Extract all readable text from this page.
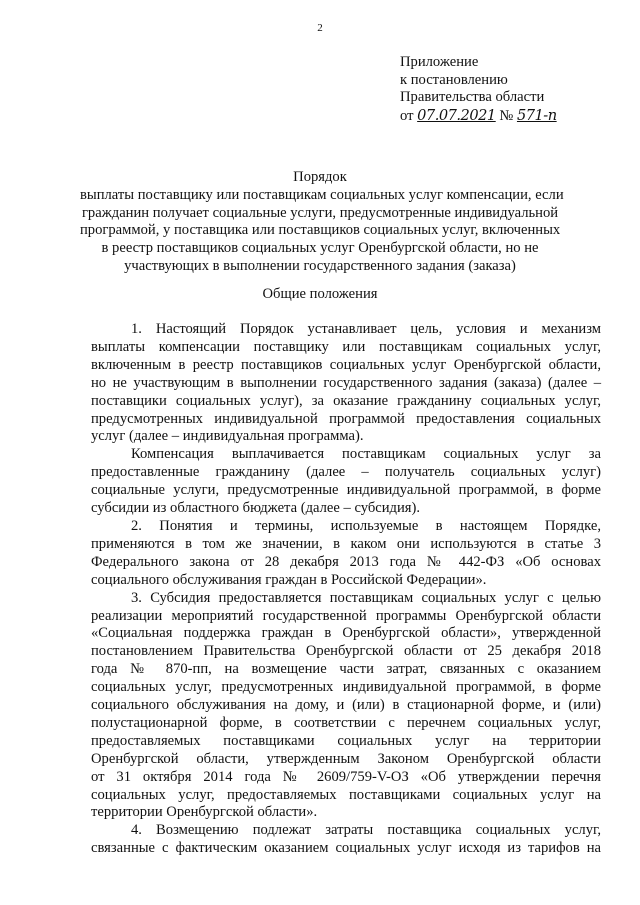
2
Приложение
к постановлению
Правительства области
от 07.07.2021 № 571-п
Порядок
выплаты поставщику или поставщикам социальных услуг компенсации, если
гражданин получает социальные услуги, предусмотренные индивидуальной
программой, у поставщика или поставщиков социальных услуг, включенных
в реестр поставщиков социальных услуг Оренбургской области, но не
участвующих в выполнении государственного задания (заказа)
Общие положения

1. Настоящий Порядок устанавливает цель, условия и механизм

выплаты компенсации поставщику или поставщикам социальных услуг,

включенным в реестр поставщиков социальных услуг Оренбургской области,

но не участвующим в выполнении государственного задания (заказа) (далее –

поставщики социальных услуг), за оказание гражданину социальных услуг,

предусмотренных индивидуальной программой предоставления социальных

услуг (далее – индивидуальная программа).

Компенсация выплачивается поставщикам социальных услуг за

предоставленные гражданину (далее – получатель социальных услуг)

социальные услуги, предусмотренные индивидуальной программой, в форме

субсидии из областного бюджета (далее – субсидия).

2. Понятия и термины, используемые в настоящем Порядке,

применяются в том же значении, в каком они используются в статье 3

Федерального закона от 28 декабря 2013 года № 442-ФЗ «Об основах

социального обслуживания граждан в Российской Федерации».

3. Субсидия предоставляется поставщикам социальных услуг с целью

реализации мероприятий государственной программы Оренбургской области

«Социальная поддержка граждан в Оренбургской области», утвержденной

постановлением Правительства Оренбургской области от 25 декабря 2018

года № 870-пп, на возмещение части затрат, связанных с оказанием

социальных услуг, предусмотренных индивидуальной программой, в форме

социального обслуживания на дому, и (или) в стационарной форме, и (или)

полустационарной форме, в соответствии с перечнем социальных услуг,

предоставляемых поставщиками социальных услуг на территории

Оренбургской области, утвержденным Законом Оренбургской области

от 31 октября 2014 года № 2609/759-V-ОЗ «Об утверждении перечня

социальных услуг, предоставляемых поставщиками социальных услуг на

территории Оренбургской области».

4. Возмещению подлежат затраты поставщика социальных услуг,

связанные с фактическим оказанием социальных услуг исходя из тарифов на
